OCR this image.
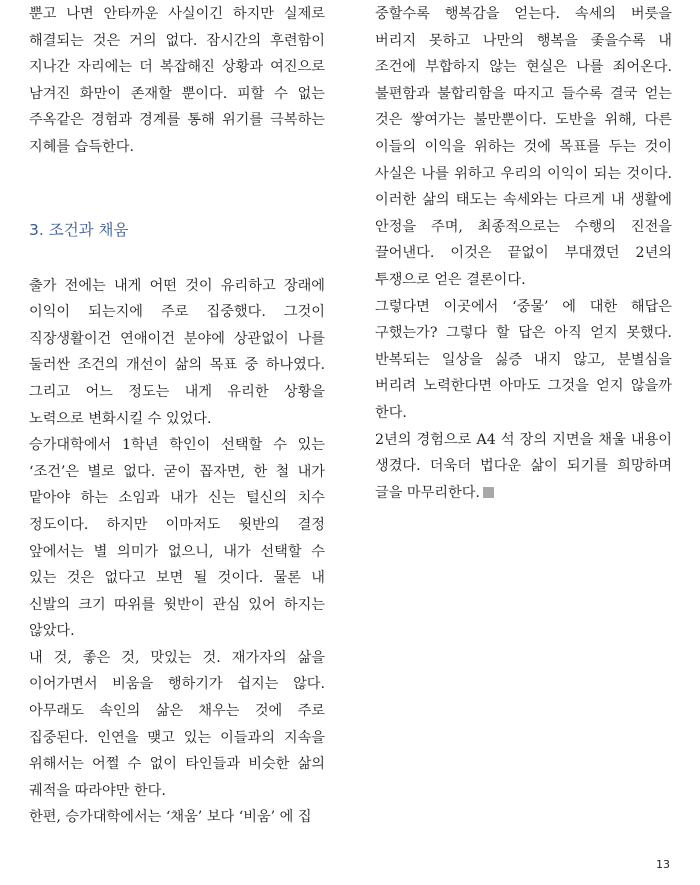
뿐고 나면 안타까운 사실이긴 하지만 실제로 해결되는 것은 거의 없다. 잠시간의 후련함이 지나간 자리에는 더 복잡해진 상황과 여진으로 남겨진 화만이 존재할 뿐이다. 피할 수 없는 주옥같은 경험과 경계를 통해 위기를 극복하는 지혜를 습득한다.

3. 조건과 채움

출가 전에는 내게 어떤 것이 유리하고 장래에 이익이 되는지에 주로 집중했다. 그것이 직장생활이건 연애이건 분야에 상관없이 나를 둘러싼 조건의 개선이 삶의 목표 중 하나였다. 그리고 어느 정도는 내게 유리한 상황을 노력으로 변화시킬 수 있었다.

승가대학에서 1학년 학인이 선택할 수 있는 ‘조건’은 별로 없다. 굳이 꼽자면, 한 철 내가 맡아야 하는 소임과 내가 신는 털신의 치수 정도이다. 하지만 이마저도 윗반의 결정 앞에서는 별 의미가 없으니, 내가 선택할 수 있는 것은 없다고 보면 될 것이다. 물론 내 신발의 크기 따위를 윗반이 관심 있어 하지는 않았다.

내 것, 좋은 것, 맛있는 것. 재가자의 삶을 이어가면서 비움을 행하기가 쉽지는 않다. 아무래도 속인의 삶은 채우는 것에 주로 집중된다. 인연을 맺고 있는 이들과의 지속을 위해서는 어쩔 수 없이 타인들과 비슷한 삶의 궤적을 따라야만 한다.

한편, 승가대학에서는 ‘채움’ 보다 ‘비움’ 에 집

중할수록 행복감을 얻는다. 속세의 버릇을 버리지 못하고 나만의 행복을 좇을수록 내 조건에 부합하지 않는 현실은 나를 죄어온다. 불편함과 불합리함을 따지고 들수록 결국 얻는 것은 쌓여가는 불만뿐이다. 도반을 위해, 다른 이들의 이익을 위하는 것에 목표를 두는 것이 사실은 나를 위하고 우리의 이익이 되는 것이다. 이러한 삶의 태도는 속세와는 다르게 내 생활에 안정을 주며, 최종적으로는 수행의 진전을 끌어낸다. 이것은 끝없이 부대꼈던 2년의 투쟁으로 얻은 결론이다.

그렇다면 이곳에서 ‘중물’ 에 대한 해답은 구했는가? 그렇다 할 답은 아직 얻지 못했다. 반복되는 일상을 싫증 내지 않고, 분별심을 버리려 노력한다면 아마도 그것을 얻지 않을까 한다.

2년의 경험으로 A4 석 장의 지면을 채울 내용이 생겼다. 더욱더 법다운 삶이 되기를 희망하며 글을 마무리한다.

13
